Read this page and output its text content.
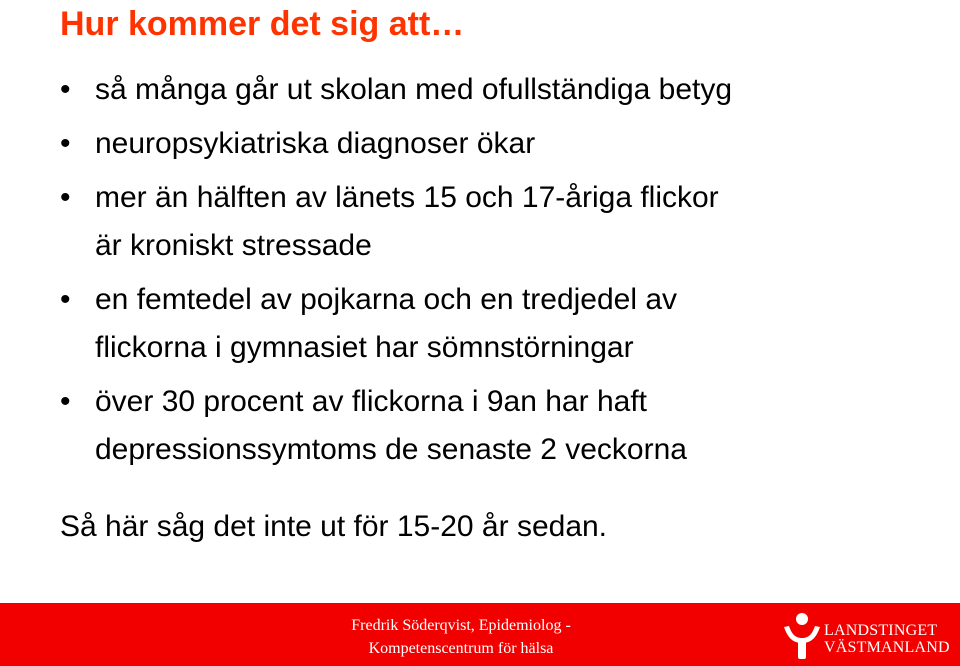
Hur kommer det sig att…
• så många går ut skolan med ofullständiga betyg
• neuropsykiatriska diagnoser ökar
• mer än hälften av länets 15 och 17-åriga flickor
är kroniskt stressade
• en femtedel av pojkarna och en tredjedel av
flickorna i gymnasiet har sömnstörningar
• över 30 procent av flickorna i 9an har haft
depressionssymtoms de senaste 2 veckorna

Så här såg det inte ut för 15-20 år sedan.

Fredrik Söderqvist, Epidemiolog -
Kompetenscentrum för hälsa
LANDSTINGET
VÄSTMANLAND
